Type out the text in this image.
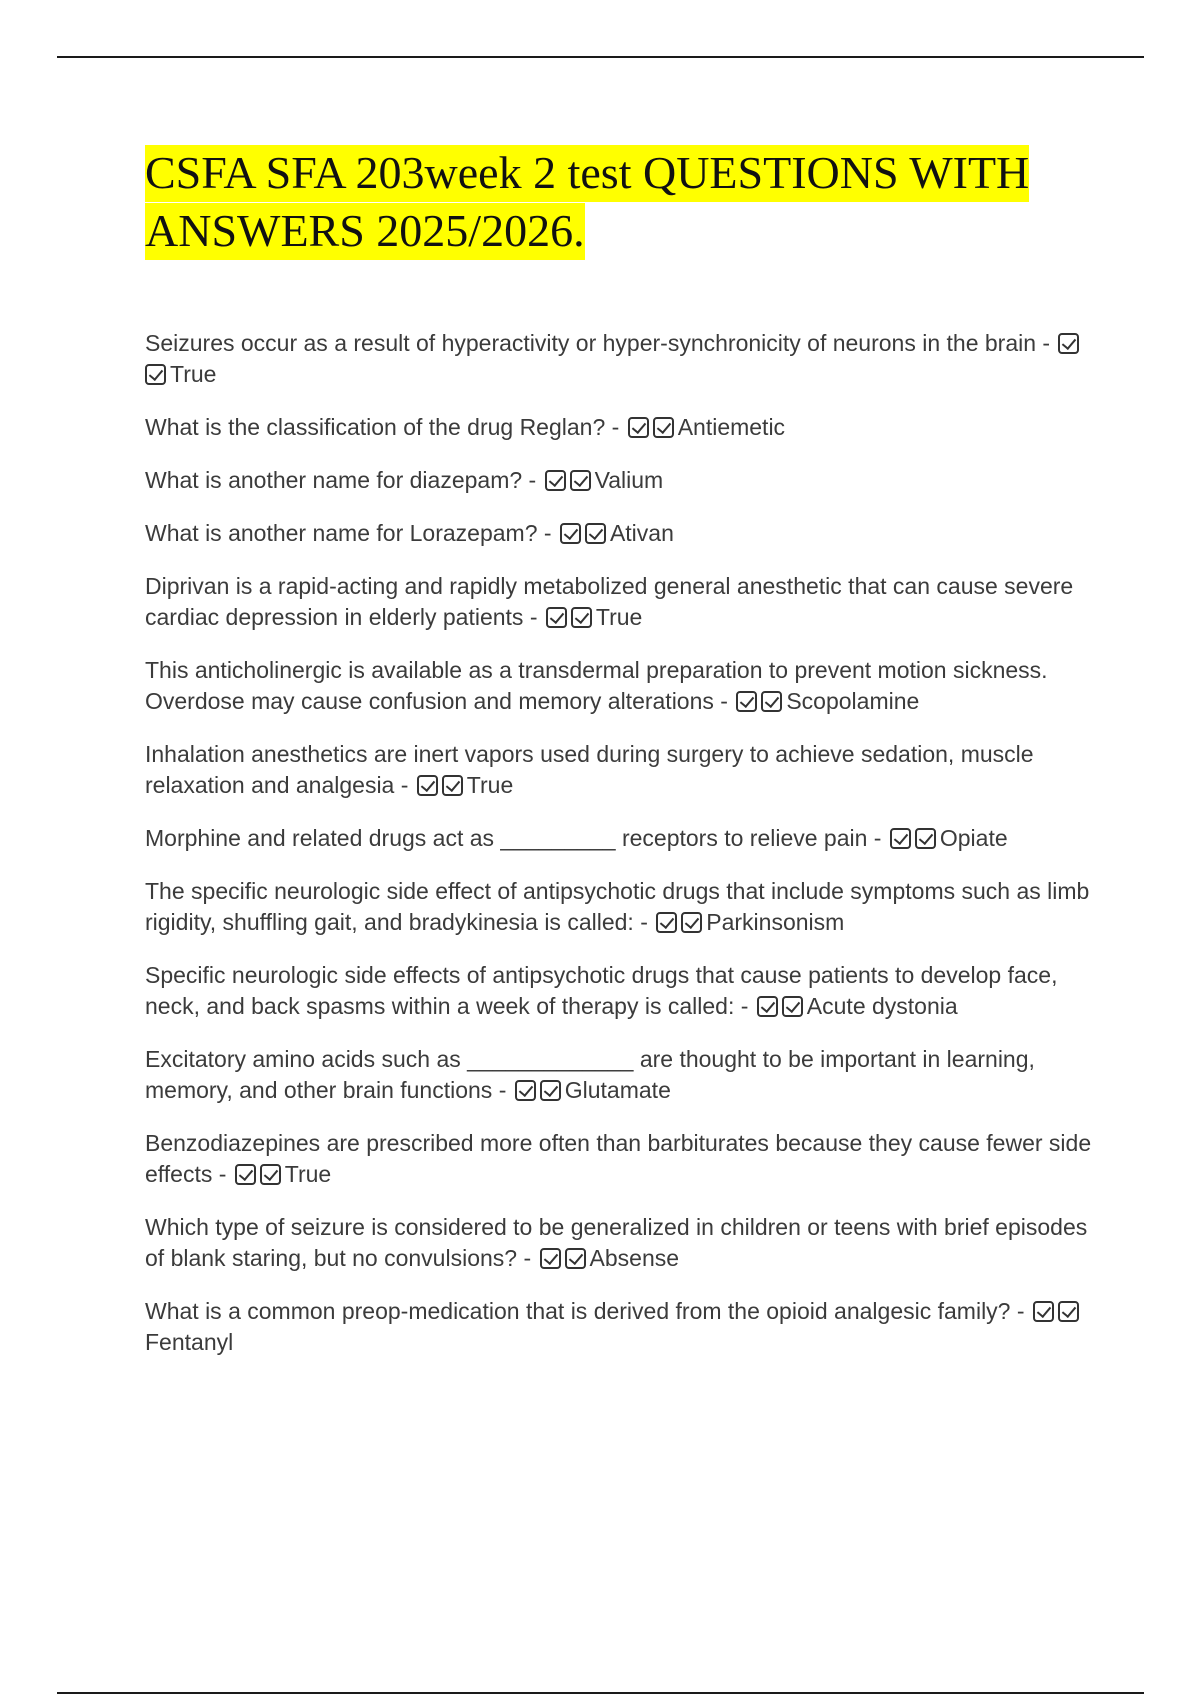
CSFA SFA 203week 2 test QUESTIONS WITH ANSWERS 2025/2026.
Seizures occur as a result of hyperactivity or hyper-synchronicity of neurons in the brain - True
What is the classification of the drug Reglan? -	Antiemetic
What is another name for diazepam? -	Valium
What is another name for Lorazepam? -	Ativan
Diprivan is a rapid-acting and rapidly metabolized general anesthetic that can cause severe cardiac depression in elderly patients -	True
This anticholinergic is available as a transdermal preparation to prevent motion sickness. Overdose may cause confusion and memory alterations -	Scopolamine
Inhalation anesthetics are inert vapors used during surgery to achieve sedation, muscle relaxation and analgesia -	True
Morphine and related drugs act as _________ receptors to relieve pain -	Opiate
The specific neurologic side effect of antipsychotic drugs that include symptoms such as limb rigidity, shuffling gait, and bradykinesia is called: -	Parkinsonism
Specific neurologic side effects of antipsychotic drugs that cause patients to develop face, neck, and back spasms within a week of therapy is called: -	Acute dystonia
Excitatory amino acids such as _____________ are thought to be important in learning, memory, and other brain functions -	Glutamate
Benzodiazepines are prescribed more often than barbiturates because they cause fewer side effects -	True
Which type of seizure is considered to be generalized in children or teens with brief episodes of blank staring, but no convulsions? -	Absense
What is a common preop-medication that is derived from the opioid analgesic family? - Fentanyl
